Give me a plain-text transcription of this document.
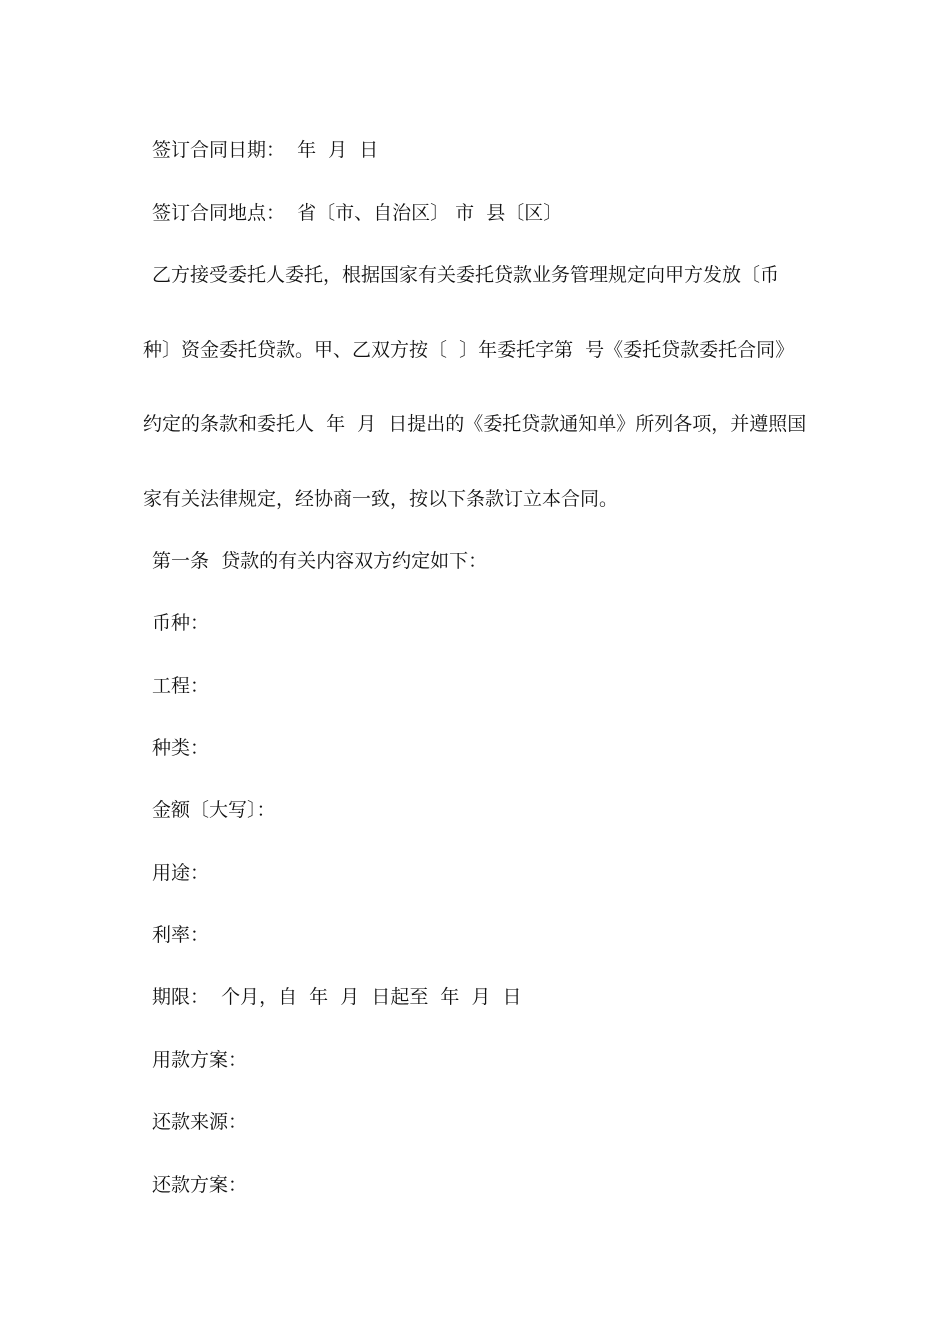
签订合同日期：  年  月  日
签订合同地点：  省〔市、自治区〕 市  县〔区〕
乙方接受委托人委托，根据国家有关委托贷款业务管理规定向甲方发放〔币
种〕资金委托贷款。甲、乙双方按〔  〕年委托字第  号《委托贷款委托合同》
约定的条款和委托人  年  月  日提出的《委托贷款通知单》所列各项，并遵照国
家有关法律规定，经协商一致，按以下条款订立本合同。
第一条  贷款的有关内容双方约定如下：
币种：
工程：
种类：
金额〔大写〕：
用途：
利率：
期限：  个月，自  年  月  日起至  年  月  日
用款方案：
还款来源：
还款方案：
